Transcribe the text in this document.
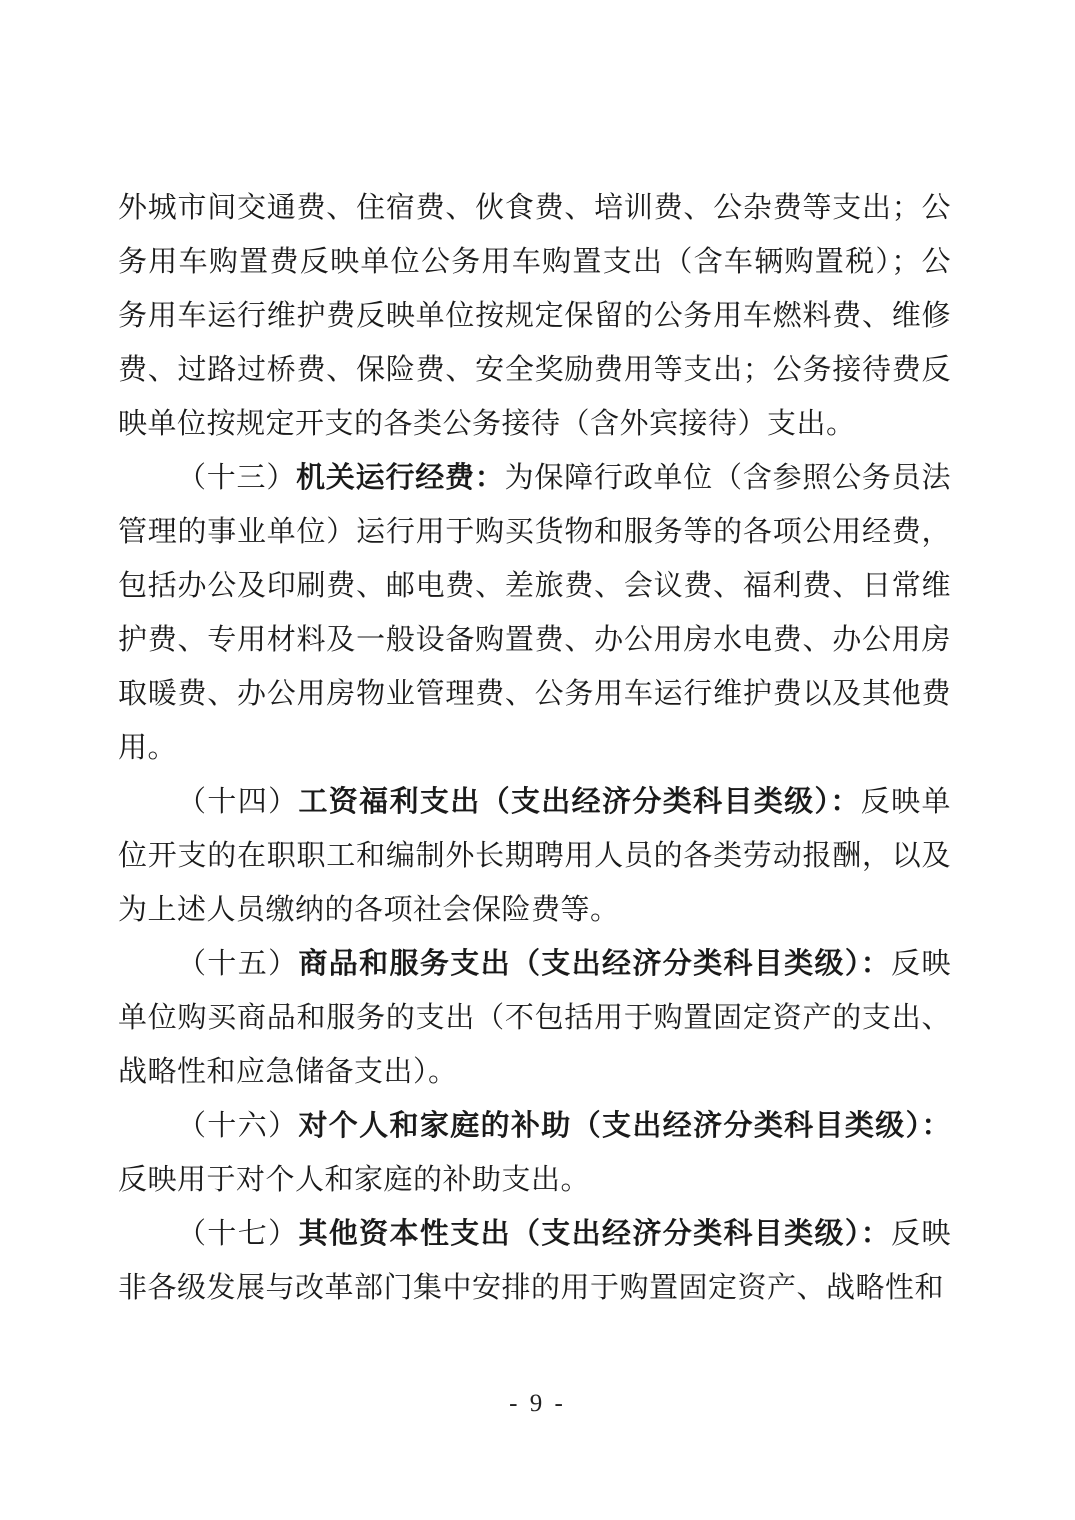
外城市间交通费、住宿费、伙食费、培训费、公杂费等支出；公务用车购置费反映单位公务用车购置支出（含车辆购置税）；公务用车运行维护费反映单位按规定保留的公务用车燃料费、维修费、过路过桥费、保险费、安全奖励费用等支出；公务接待费反映单位按规定开支的各类公务接待（含外宾接待）支出。

（十三）机关运行经费：为保障行政单位（含参照公务员法管理的事业单位）运行用于购买货物和服务等的各项公用经费，包括办公及印刷费、邮电费、差旅费、会议费、福利费、日常维护费、专用材料及一般设备购置费、办公用房水电费、办公用房取暖费、办公用房物业管理费、公务用车运行维护费以及其他费用。

（十四）工资福利支出（支出经济分类科目类级）：反映单位开支的在职职工和编制外长期聘用人员的各类劳动报酬，以及为上述人员缴纳的各项社会保险费等。

（十五）商品和服务支出（支出经济分类科目类级）：反映单位购买商品和服务的支出（不包括用于购置固定资产的支出、战略性和应急储备支出）。

（十六）对个人和家庭的补助（支出经济分类科目类级）：反映用于对个人和家庭的补助支出。

（十七）其他资本性支出（支出经济分类科目类级）：反映非各级发展与改革部门集中安排的用于购置固定资产、战略性和

- 9 -
